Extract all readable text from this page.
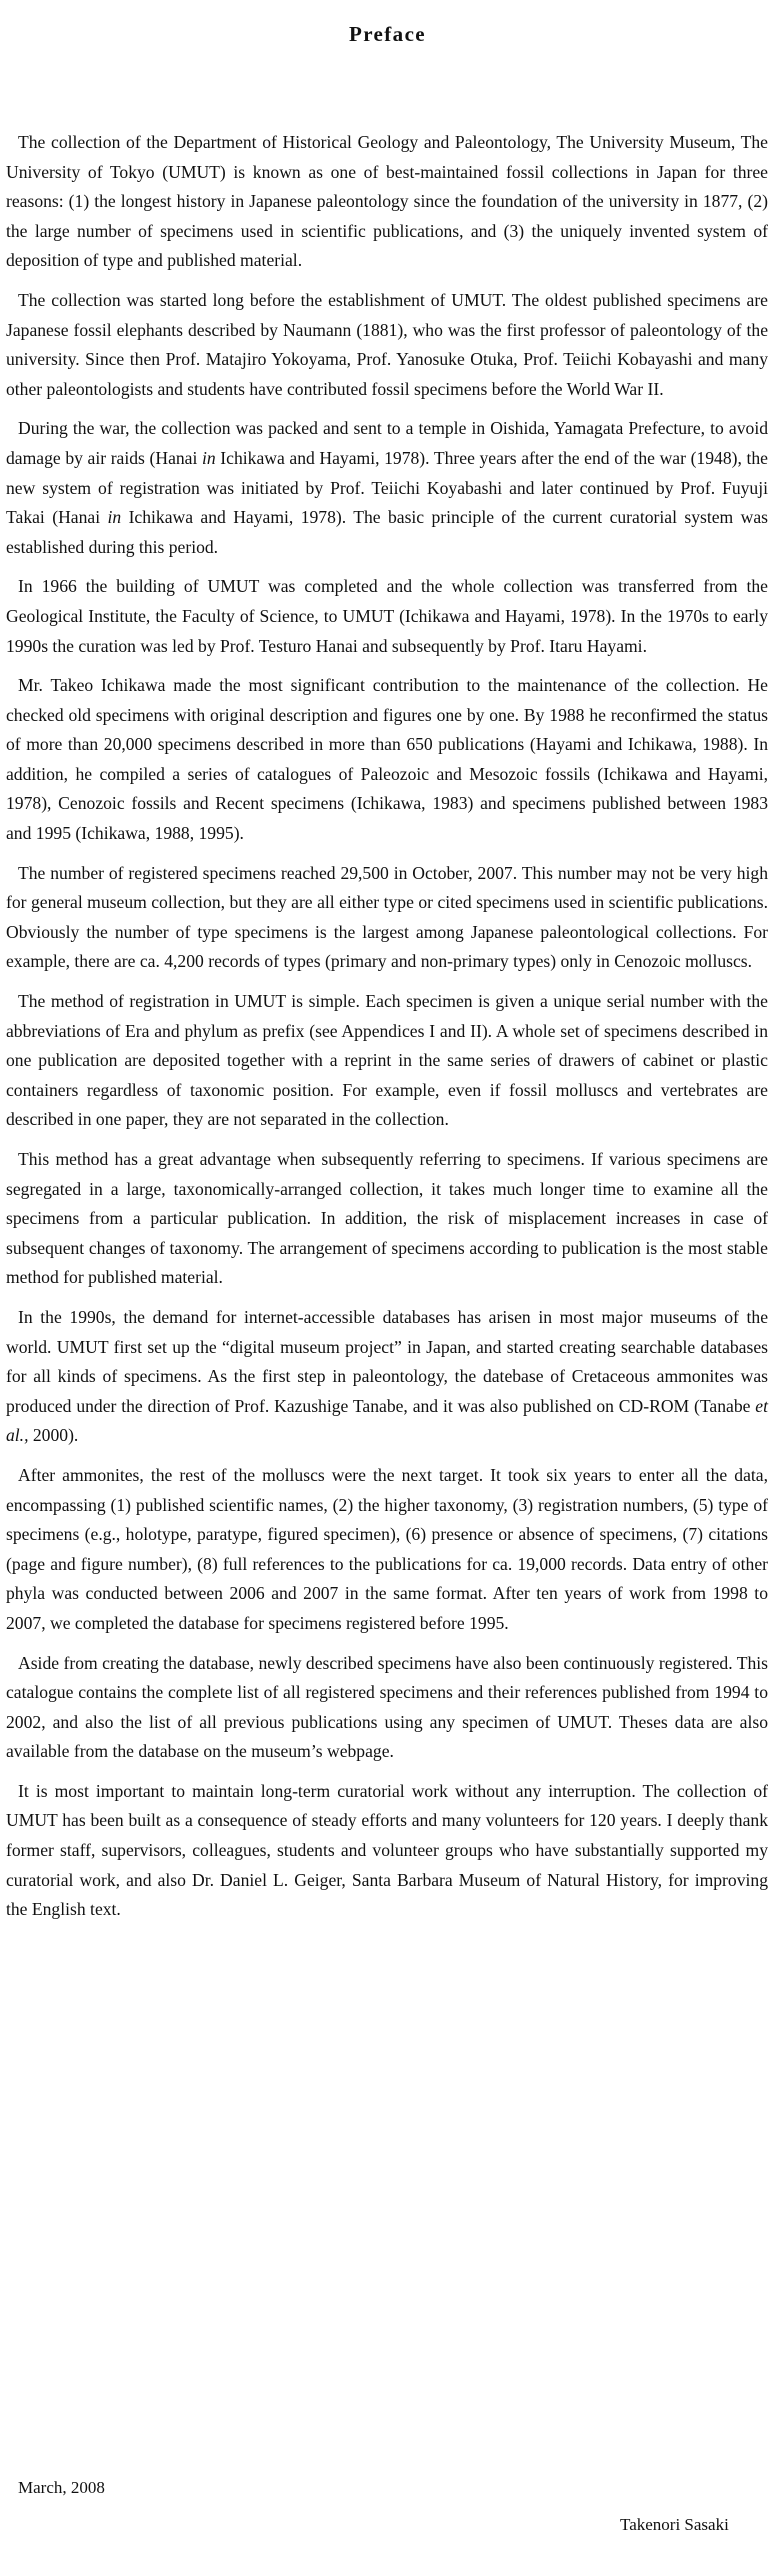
Preface

The collection of the Department of Historical Geology and Paleontology, The University Museum, The University of Tokyo (UMUT) is known as one of best-maintained fossil collections in Japan for three reasons: (1) the longest history in Japanese paleontology since the foundation of the university in 1877, (2) the large number of specimens used in scientific publications, and (3) the uniquely invented system of deposition of type and published material.

The collection was started long before the establishment of UMUT. The oldest published specimens are Japanese fossil elephants described by Naumann (1881), who was the first professor of paleontology of the university. Since then Prof. Matajiro Yokoyama, Prof. Yanosuke Otuka, Prof. Teiichi Kobayashi and many other paleontologists and students have contributed fossil specimens before the World War II.

During the war, the collection was packed and sent to a temple in Oishida, Yamagata Prefecture, to avoid damage by air raids (Hanai in Ichikawa and Hayami, 1978). Three years after the end of the war (1948), the new system of registration was initiated by Prof. Teiichi Koyabashi and later continued by Prof. Fuyuji Takai (Hanai in Ichikawa and Hayami, 1978). The basic principle of the current curatorial system was established during this period.

In 1966 the building of UMUT was completed and the whole collection was transferred from the Geological Institute, the Faculty of Science, to UMUT (Ichikawa and Hayami, 1978). In the 1970s to early 1990s the curation was led by Prof. Testuro Hanai and subsequently by Prof. Itaru Hayami.

Mr. Takeo Ichikawa made the most significant contribution to the maintenance of the collection. He checked old specimens with original description and figures one by one. By 1988 he reconfirmed the status of more than 20,000 specimens described in more than 650 publications (Hayami and Ichikawa, 1988). In addition, he compiled a series of catalogues of Paleozoic and Mesozoic fossils (Ichikawa and Hayami, 1978), Cenozoic fossils and Recent specimens (Ichikawa, 1983) and specimens published between 1983 and 1995 (Ichikawa, 1988, 1995).

The number of registered specimens reached 29,500 in October, 2007. This number may not be very high for general museum collection, but they are all either type or cited specimens used in scientific publications. Obviously the number of type specimens is the largest among Japanese paleontological collections. For example, there are ca. 4,200 records of types (primary and non-primary types) only in Cenozoic molluscs.

The method of registration in UMUT is simple. Each specimen is given a unique serial number with the abbreviations of Era and phylum as prefix (see Appendices I and II). A whole set of specimens described in one publication are deposited together with a reprint in the same series of drawers of cabinet or plastic containers regardless of taxonomic position. For example, even if fossil molluscs and vertebrates are described in one paper, they are not separated in the collection.

This method has a great advantage when subsequently referring to specimens. If various specimens are segregated in a large, taxonomically-arranged collection, it takes much longer time to examine all the specimens from a particular publication. In addition, the risk of misplacement increases in case of subsequent changes of taxonomy. The arrangement of specimens according to publication is the most stable method for published material.

In the 1990s, the demand for internet-accessible databases has arisen in most major museums of the world. UMUT first set up the “digital museum project” in Japan, and started creating searchable databases for all kinds of specimens. As the first step in paleontology, the datebase of Cretaceous ammonites was produced under the direction of Prof. Kazushige Tanabe, and it was also published on CD-ROM (Tanabe et al., 2000).

After ammonites, the rest of the molluscs were the next target. It took six years to enter all the data, encompassing (1) published scientific names, (2) the higher taxonomy, (3) registration numbers, (5) type of specimens (e.g., holotype, paratype, figured specimen), (6) presence or absence of specimens, (7) citations (page and figure number), (8) full references to the publications for ca. 19,000 records. Data entry of other phyla was conducted between 2006 and 2007 in the same format. After ten years of work from 1998 to 2007, we completed the database for specimens registered before 1995.

Aside from creating the database, newly described specimens have also been continuously registered. This catalogue contains the complete list of all registered specimens and their references published from 1994 to 2002, and also the list of all previous publications using any specimen of UMUT. Theses data are also available from the database on the museum’s webpage.

It is most important to maintain long-term curatorial work without any interruption. The collection of UMUT has been built as a consequence of steady efforts and many volunteers for 120 years. I deeply thank former staff, supervisors, colleagues, students and volunteer groups who have substantially supported my curatorial work, and also Dr. Daniel L. Geiger, Santa Barbara Museum of Natural History, for improving the English text.

March, 2008
Takenori Sasaki
